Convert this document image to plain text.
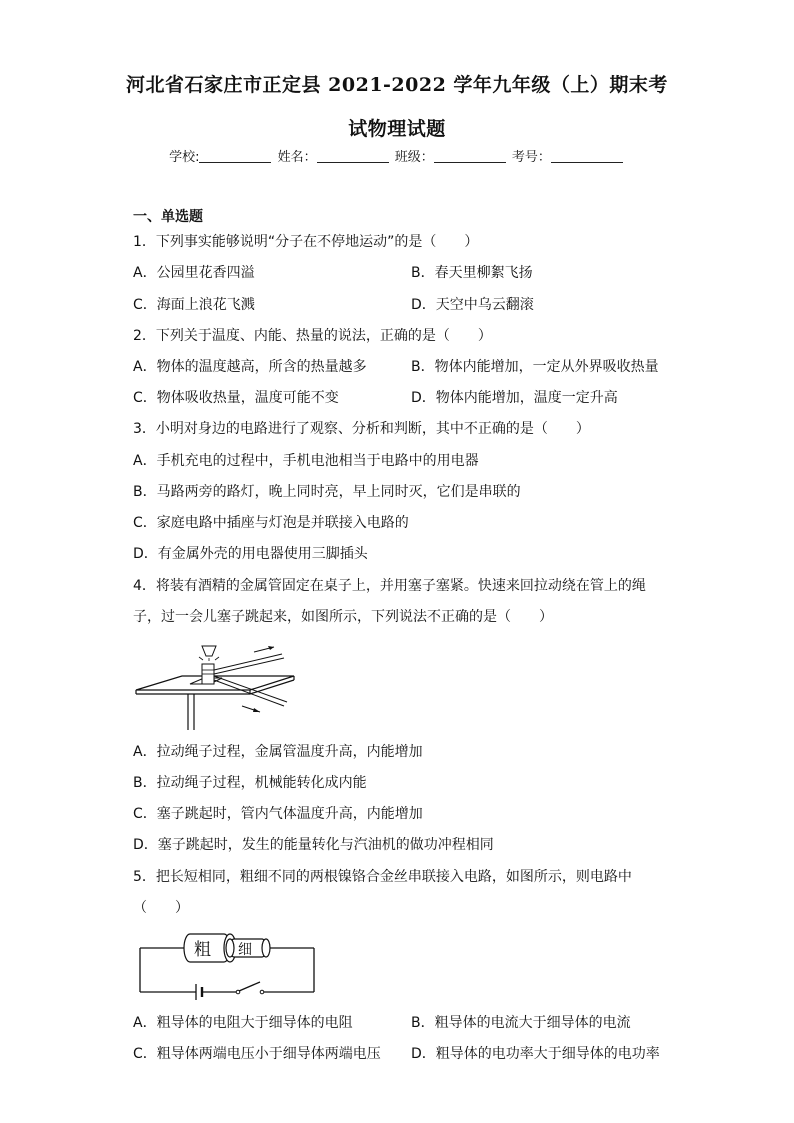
河北省石家庄市正定县 2021-2022 学年九年级（上）期末考
试物理试题
学校:	姓名：	班级：	考号：
一、单选题
1．下列事实能够说明“分子在不停地运动”的是（　　）
A．公园里花香四溢	B．春天里柳絮飞扬
C．海面上浪花飞溅	D．天空中乌云翻滚
2．下列关于温度、内能、热量的说法，正确的是（　　）
A．物体的温度越高，所含的热量越多	B．物体内能增加，一定从外界吸收热量
C．物体吸收热量，温度可能不变	D．物体内能增加，温度一定升高
3．小明对身边的电路进行了观察、分析和判断，其中不正确的是（　　）
A．手机充电的过程中，手机电池相当于电路中的用电器
B．马路两旁的路灯，晚上同时亮，早上同时灭，它们是串联的
C．家庭电路中插座与灯泡是并联接入电路的
D．有金属外壳的用电器使用三脚插头
4．将装有酒精的金属管固定在桌子上，并用塞子塞紧。快速来回拉动绕在管上的绳
子，过一会儿塞子跳起来，如图所示，下列说法不正确的是（　　）
A．拉动绳子过程，金属管温度升高，内能增加
B．拉动绳子过程，机械能转化成内能
C．塞子跳起时，管内气体温度升高，内能增加
D．塞子跳起时，发生的能量转化与汽油机的做功冲程相同
5．把长短相同，粗细不同的两根镍铬合金丝串联接入电路，如图所示，则电路中
（　　）
粗 细
A．粗导体的电阻大于细导体的电阻	B．粗导体的电流大于细导体的电流
C．粗导体两端电压小于细导体两端电压 D．粗导体的电功率大于细导体的电功率
